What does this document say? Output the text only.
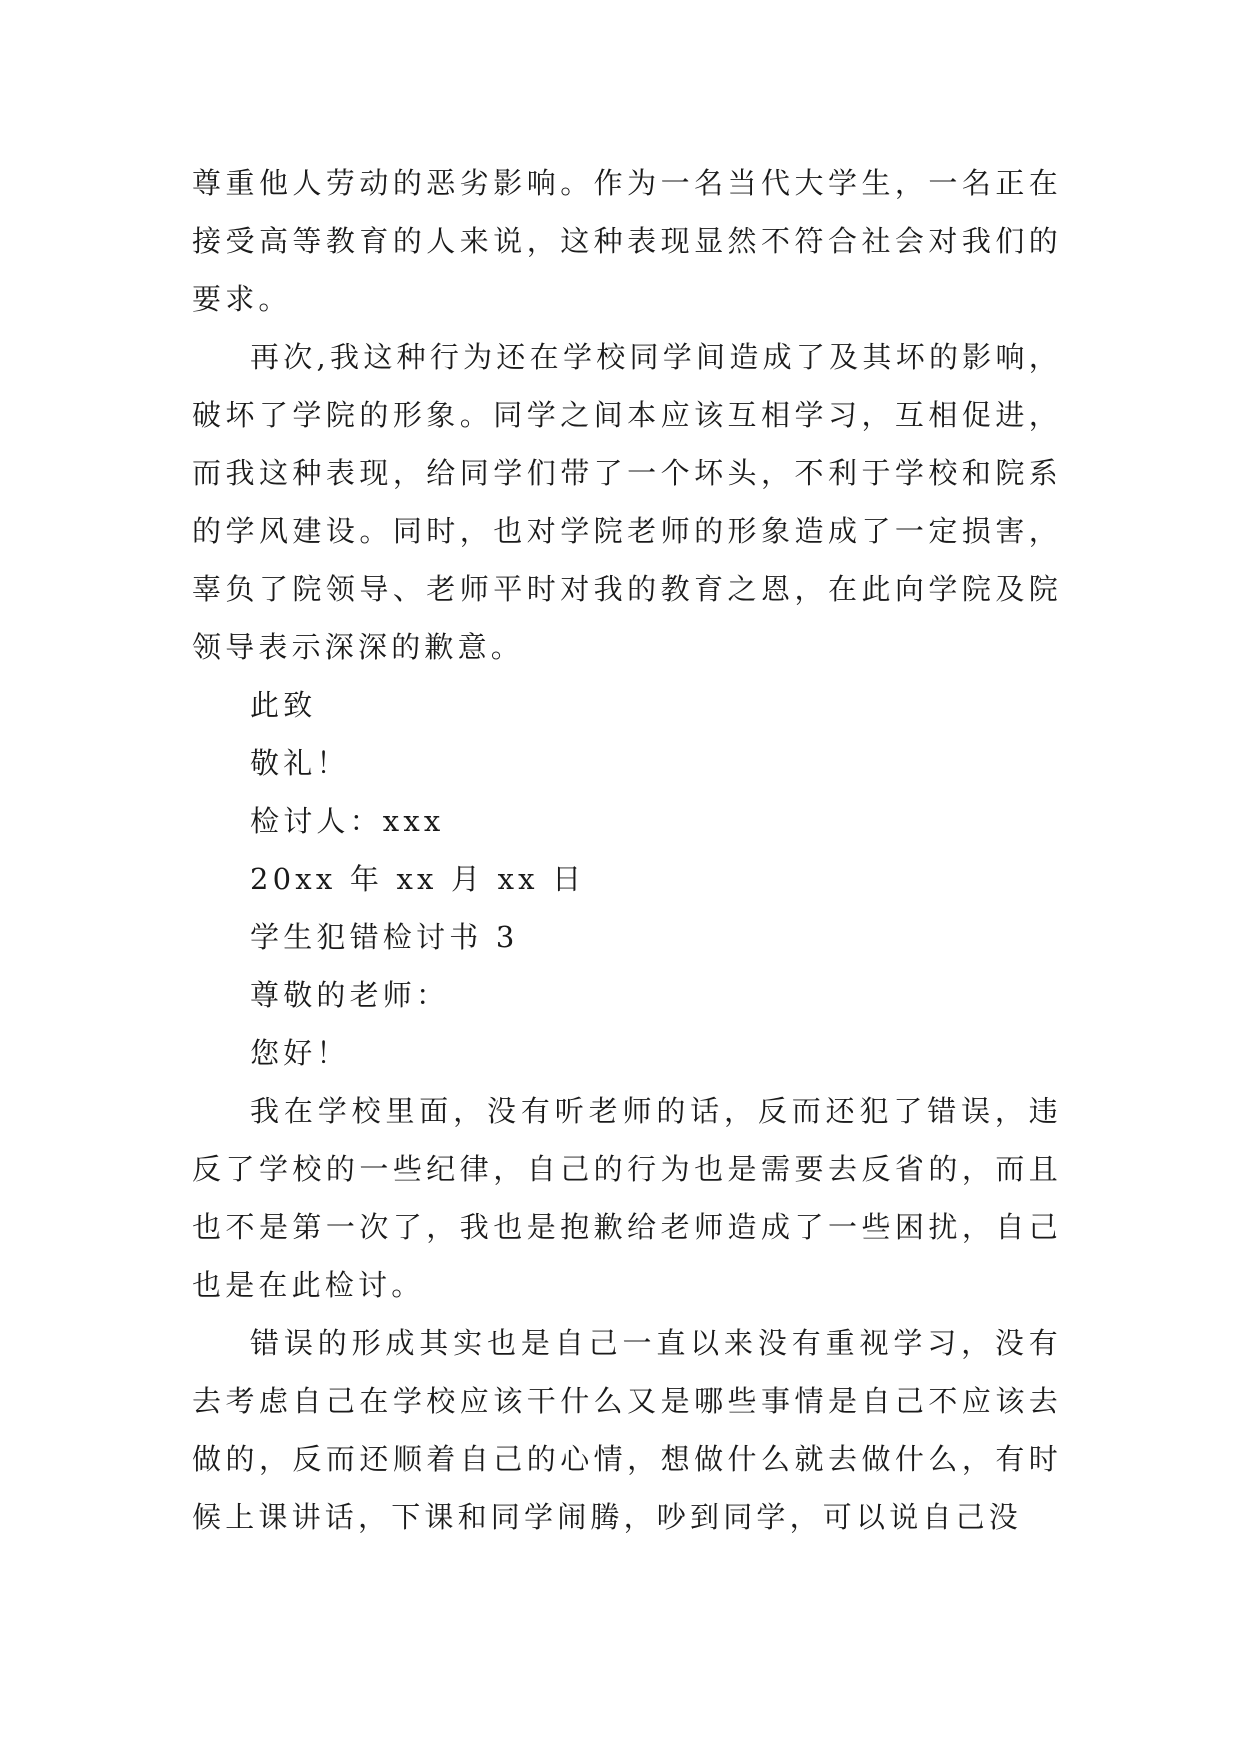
尊重他人劳动的恶劣影响。作为一名当代大学生，一名正在接受高等教育的人来说，这种表现显然不符合社会对我们的要求。

再次,我这种行为还在学校同学间造成了及其坏的影响，破坏了学院的形象。同学之间本应该互相学习，互相促进，而我这种表现，给同学们带了一个坏头，不利于学校和院系的学风建设。同时，也对学院老师的形象造成了一定损害，辜负了院领导、老师平时对我的教育之恩，在此向学院及院领导表示深深的歉意。

此致

敬礼！

检讨人：xxx

20xx 年 xx 月 xx 日

学生犯错检讨书 3

尊敬的老师：

您好！

我在学校里面，没有听老师的话，反而还犯了错误，违反了学校的一些纪律，自己的行为也是需要去反省的，而且也不是第一次了，我也是抱歉给老师造成了一些困扰，自己也是在此检讨。

错误的形成其实也是自己一直以来没有重视学习，没有去考虑自己在学校应该干什么又是哪些事情是自己不应该去做的，反而还顺着自己的心情，想做什么就去做什么，有时候上课讲话，下课和同学闹腾，吵到同学，可以说自己没
